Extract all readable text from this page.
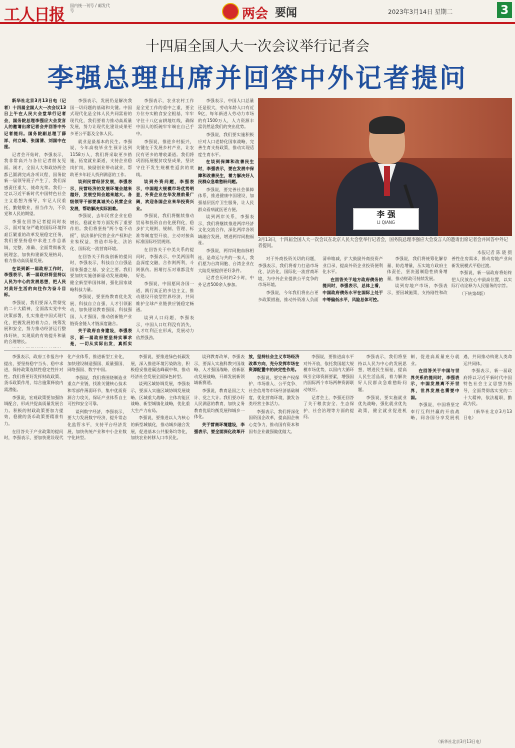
工人日报 国内统一刊号 / 邮发代号	两会 要闻	2023年3月14日 星期二	3
十四届全国人大一次会议举行记者会
李强总理出席并回答中外记者提问

新华社北京3月13日电（记者）十四届全国人大一次会议13日上午在人民大会堂举行记者会，国务院总理李强应大会发言人的邀请出席记者会并回答中外记者提问。国务院副总理丁薛祥、何立峰、张国清、刘国中在座。

记者会开始时，李强表示，我非常高兴与各位记者朋友见面。刚才，全国人大和政协两会都已圆满完成各项议程，国务院新一届领导班子产生了，我们深感责任重大、使命光荣。我们一定以习近平新时代中国特色社会主义思想为指导，牢记人民重托，勤勉敬业，担当作为，不负党和人民的期望。

李强在回答记者提问时表示，面对复杂严峻的国际环境和艰巨繁重的改革发展稳定任务，我们要坚持稳中求进工作总基调，完整、准确、全面贯彻新发展理念，加快构建新发展格局，着力推动高质量发展。

在谈到新一届政府工作时，李强表示，新一届政府将坚持以人民为中心的发展思想，把人民对美好生活的向往作为奋斗目标。

李强说，我们要深入贯彻党的二十大精神，全面落实党中央决策部署，扎实推进中国式现代化，把握发展的着力点，统筹发展和安全，努力推动经济运行整体好转，实现质的有效提升和量的合理增长。

李强表示，发展仍是解决我国一切问题的基础和关键。中国式现代化是全体人民共同富裕的现代化，我们要着力推动高质量发展，努力让现代化建设成果更多更公平惠及全体人民。

就业是最基本的民生。李强说，今年高校毕业生预计达到1158万人，我们将采取更多措施，拓宽就业渠道，支持企业稳岗扩岗，鼓励创业带动就业，帮助更多年轻人找到满意的工作。

谈到民营经济发展，李强表示，民营经济的发展环境会越来越好，发展空间会越来越大。各级领导干部要真诚关心民营企业发展，帮助解决实际困难。

李强说，去年民营企业在稳增长、稳就业等方面发挥了重要作用。我们将坚持“两个毫不动摇”，依法保护民营企业产权和企业家权益，营造市场化、法治化、国际化一流营商环境。

在回答关于科技创新的提问时，李强表示，科技自立自强是国家强盛之基、安全之要。我们要加快实施创新驱动发展战略，健全新型举国体制，强化国家战略科技力量。

李强说，要坚持教育优先发展、科技自立自强、人才引领驱动，加快建设教育强国、科技强国、人才强国，推动创新链产业链资金链人才链深度融合。

关于政府自身建设，李强表示，新一届政府要坚持实事求是，一切从实际出发，真抓实

李强表示，农业农村工作是全党工作的重中之重，要全方位夯实粮食安全根基，牢牢守住十八亿亩耕地红线，确保中国人的饭碗牢牢端在自己手中。

李强说，推进乡村振兴，关键在于发展乡村产业，让农民有更多的增收渠道。我们将巩固拓展脱贫攻坚成果，坚决守住不发生规模性返贫的底线。

谈到外资问题，李强表示，中国超大规模市场优势明显，外资企业在华发展前景广阔，欢迎各国企业来华投资兴业。

李强说，我们将继续推动贸易和投资自由化便利化，稳步扩大规则、规制、管理、标准等制度型开放，主动对接高标准国际经贸规则。

在回答关于中美关系的提问时，李强表示，中美两国利益深度交融，合作则两利，斗则俱伤。围堵打压对谁都没有好处。

李强说，中国愿同各国一道，践行真正的多边主义，推动建设开放型世界经济，共同维护全球产业链供应链稳定畅通。

谈到人口问题，李强表示，中国人口红利没有消失，人才红利正在形成，发展动力依然强劲。

李强表示，中国人口总量还是很大，劳动年龄人口有近9亿，每年新进入劳动力市场的有1500万人，人力资源丰富仍然是我们的突出优势。

李强说，我们要实施积极应对人口老龄化国家战略，完善生育支持政策，推动实现适度生育水平。

在谈到保障和改善民生时，李强表示，要在发展中保障和改善民生，着力解决好人民群众急难愁盼问题。

李强说，要完善社会保障体系，推进健康中国建设，加强基层医疗卫生服务，让人民群众看病就医更方便。

谈到两岸关系，李强表示，我们将继续推进两岸经济文化交流合作，深化两岸各领域融合发展，增进两岸同胞福祉。

李强说，两岸同胞血脉相连，是命运与共的一家人，我们愿为台湾同胞、台湾企业在大陆发展提供更好条件。

记者会历时约2小时，中外记者500余人参加。

李 强
LI QIANG
3月13日，十四届全国人大一次会议在北京人民大会堂举行记者会，国务院总理李强应大会发言人的邀请出席记者会并回答中外记者提问。
本报记者 陈 晓 摄

对于外商投资关切的问题，李强表示，我们将着力打造市场化、法治化、国际化一流营商环境，为中外企业提供公平竞争的市场环境。

李强说，今年我们将出台更多政策措施，推动外资准入负面清单缩减，扩大鼓励外商投资产业目录，提高外资企业投资便利化水平。

在回答关于地方政府债务的提问时，李强表示，总体上看，中国政府债务水平在国际上处于中等偏低水平，风险总体可控。

李强说，我们将统筹化解存量、防范增量，压实地方政府主体责任，坚决遏制隐性债务增量，推动财政可持续发展。

谈到房地产市场，李强表示，要因城施策，支持刚性和改善性住房需求，推动房地产业向新发展模式平稳过渡。

李强说，新一届政府将始终把人民放在心中最高位置，以实际行动诠释为人民服务的宗旨。

（下转第4版）

李强表示，政府工作报告中提出，要坚持稳字当头、稳中求进，保持政策连续性稳定性针对性。我们将更好发挥财政政策、货币政策作用，综合施策释放内需潜能。

李强说，宏观政策要加强协调配合，形成共促高质量发展合力。积极的财政政策要加力提效，稳健的货币政策要精准有力。

在回答关于产业政策的提问时，李强表示，要加快建设现代化产业体系，推进新型工业化，加快建设制造强国、质量强国、网络强国、数字中国。

李强说，我们将围绕制造业重点产业链，找准关键核心技术和零部件薄弱环节，集中优质资源合力攻关，保证产业体系自主可控和安全可靠。

谈到数字经济，李强表示，要大力发展数字经济，提升常态化监管水平，支持平台经济发展，加快传统产业和中小企业数字化转型。

李强说，要推进绿色低碳发展，深入推进环境污染防治，积极稳妥推进碳达峰碳中和，推动经济社会发展全面绿色转型。

谈到区域协调发展，李强表示，要深入实施区域协调发展战略、区域重大战略、主体功能区战略、新型城镇化战略，优化重大生产力布局。

李强说，要推进以人为核心的新型城镇化，推动城乡融合发展，促进基本公共服务均等化，加快农业转移人口市民化。

谈到教育改革，李强表示，要深入实施科教兴国战略、人才强国战略、创新驱动发展战略，开辟发展新领域新赛道。

李强说，教育是国之大计、党之大计。我们要办好人民满意的教育，加快义务教育优质均衡发展和城乡一体化。

关于营商环境建设，李强表示，要全面深化改革开放，坚持社会主义市场经济改革方向，充分发挥市场在资源配置中的决定性作用。

李强说，要完善产权保护、市场准入、公平竞争、社会信用等市场经济基础制度，优化营商环境，激发各类经营主体活力。

李强表示，我们将深化国资国企改革，提高国企核心竞争力，推动国有资本和国有企业做强做优做大。

李强说，要推进高水平对外开放，依托我国超大规模市场优势，以国内大循环吸引全球资源要素，增强国内国际两个市场两种资源联动效应。

记者会上，李强还回答了关于粮食安全、生态保护、社会治理等方面的提问。

李强表示，我们将坚持以人民为中心的发展思想，增进民生福祉，提高人民生活品质，着力解决好人民群众急难愁盼问题。

李强说，要实施就业优先战略，强化就业优先政策，健全就业促进机制，促进高质量充分就业。

在回答关于中国与世界关系的提问时，李强表示，中国发展离不开世界，世界发展也需要中国。

李强说，中国将坚定奉行互利共赢的开放战略，同各国分享发展机遇，共同推动构建人类命运共同体。

李强表示，新一届政府将以习近平新时代中国特色社会主义思想为指导，全面贯彻落实党的二十大精神，依法履职，勤政为民。

（新华社北京3月13日电）

（新华社北京3月13日电）
